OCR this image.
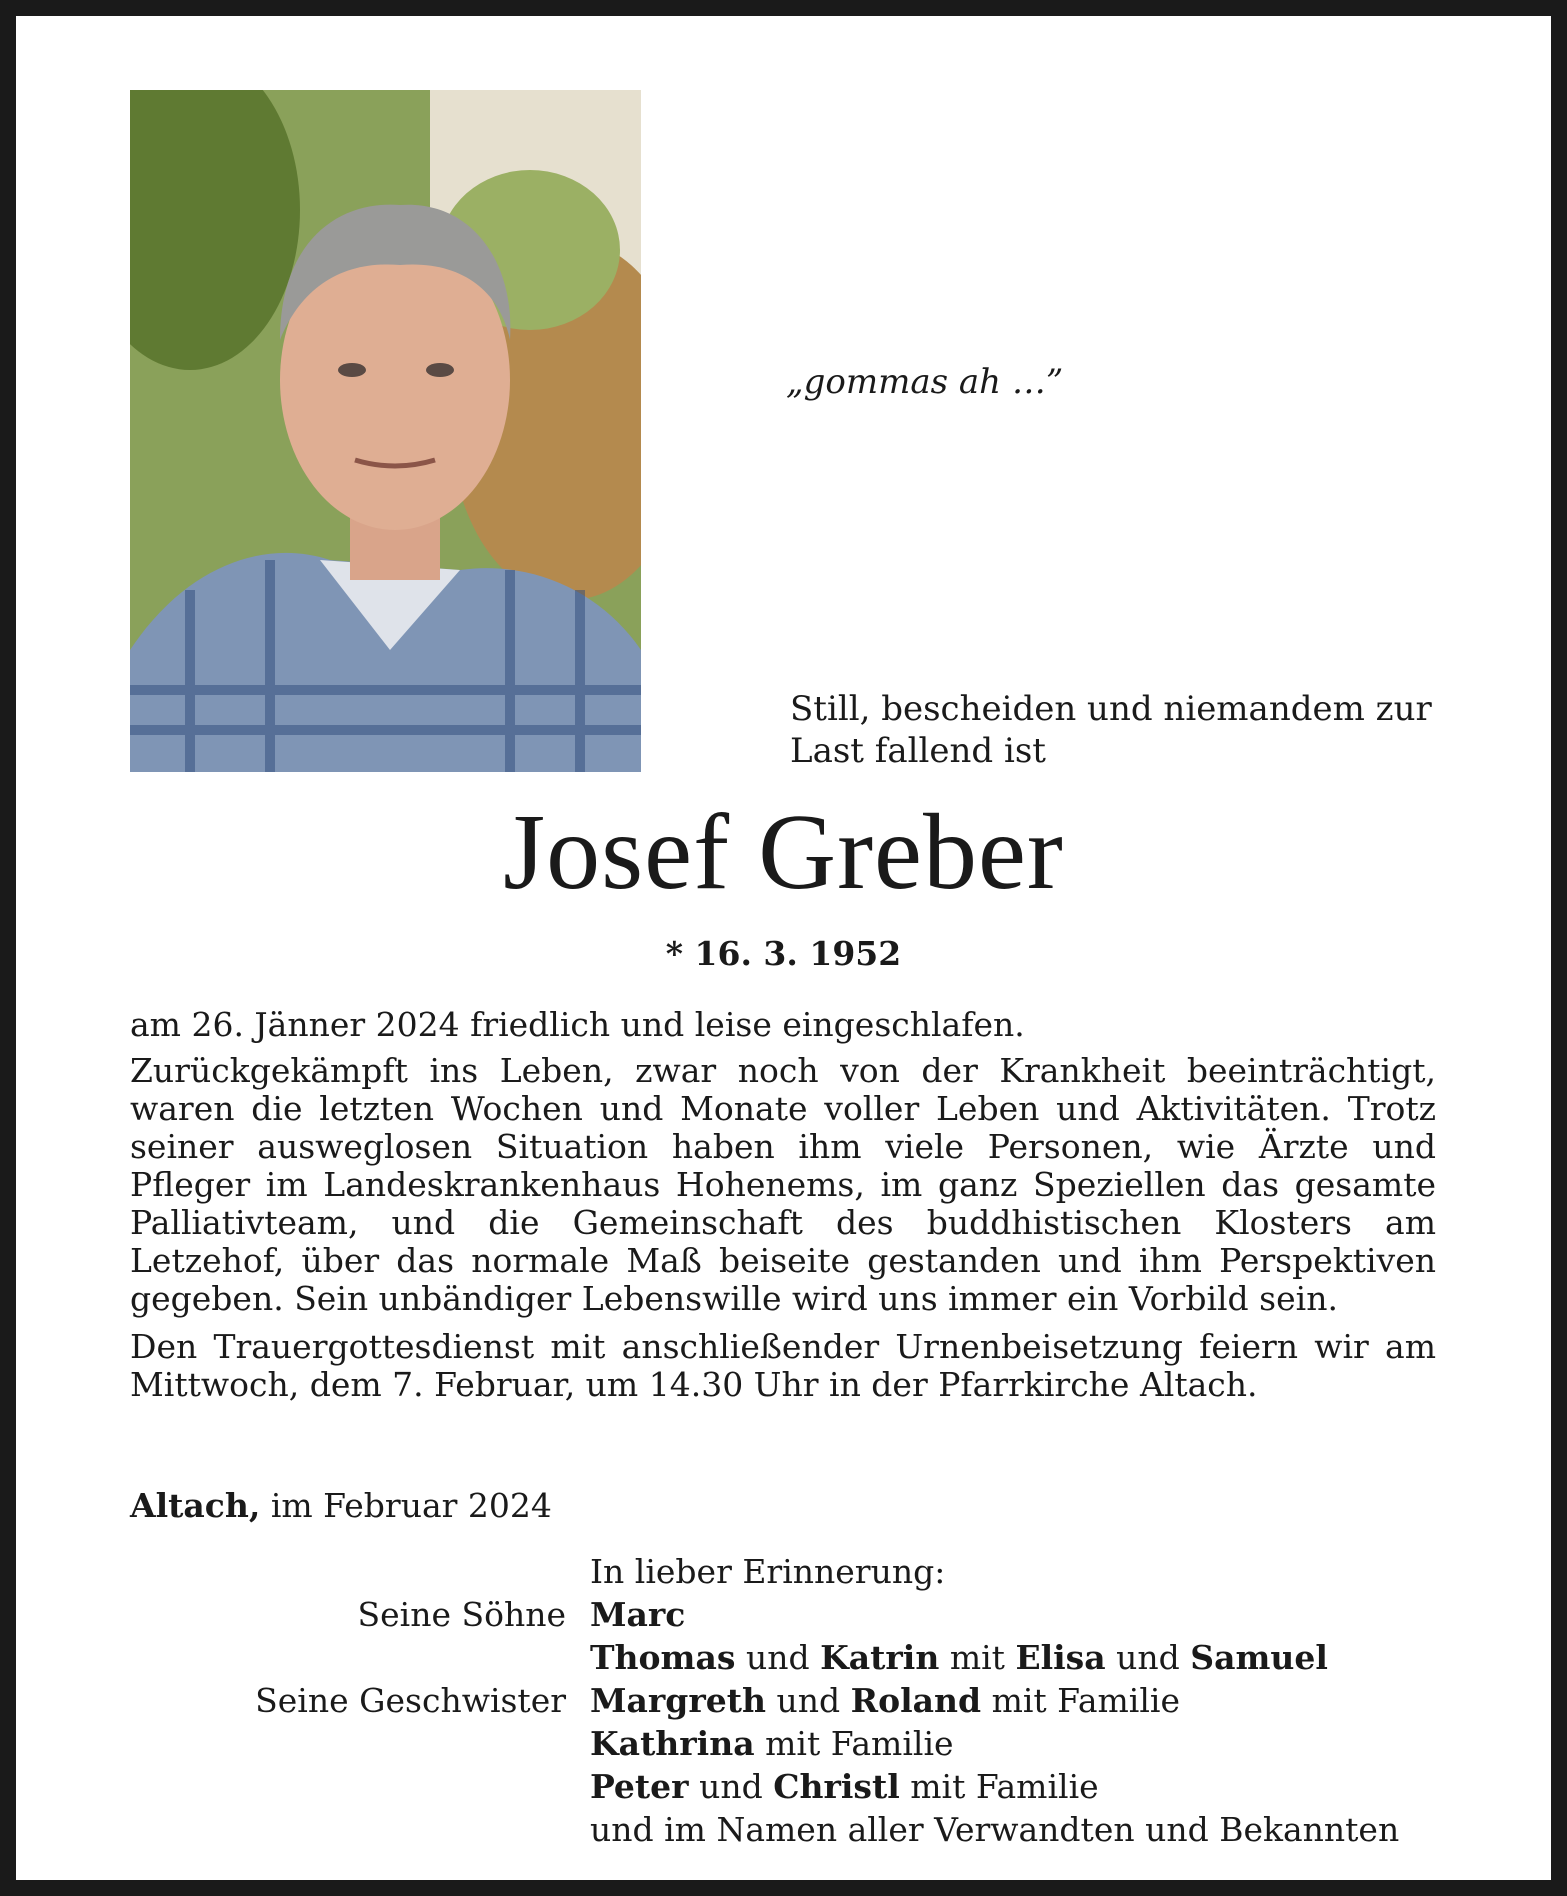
„gommas ah …”
Still, bescheiden und niemandem zur
Last fallend ist
Josef Greber
* 16. 3. 1952

am 26. Jänner 2024 friedlich und leise eingeschlafen.

Zurückgekämpft ins Leben, zwar noch von der Krankheit beeinträchtigt, waren die letzten Wochen und Monate voller Leben und Aktivitäten. Trotz seiner ausweglosen Situation haben ihm viele Personen, wie Ärzte und Pfleger im Landeskrankenhaus Hohenems, im ganz Speziellen das gesamte Palliativteam, und die Gemeinschaft des buddhistischen Klosters am Letzehof, über das normale Maß beiseite gestanden und ihm Perspektiven gegeben. Sein unbändiger Lebenswille wird uns immer ein Vorbild sein.

Den Trauergottesdienst mit anschließender Urnenbeisetzung feiern wir am Mittwoch, dem 7. Februar, um 14.30 Uhr in der Pfarrkirche Altach.

Altach, im Februar 2024
In lieber Erinnerung:
Seine Söhne Marc
Thomas und Katrin mit Elisa und Samuel
Seine Geschwister Margreth und Roland mit Familie
Kathrina mit Familie
Peter und Christl mit Familie
und im Namen aller Verwandten und Bekannten
